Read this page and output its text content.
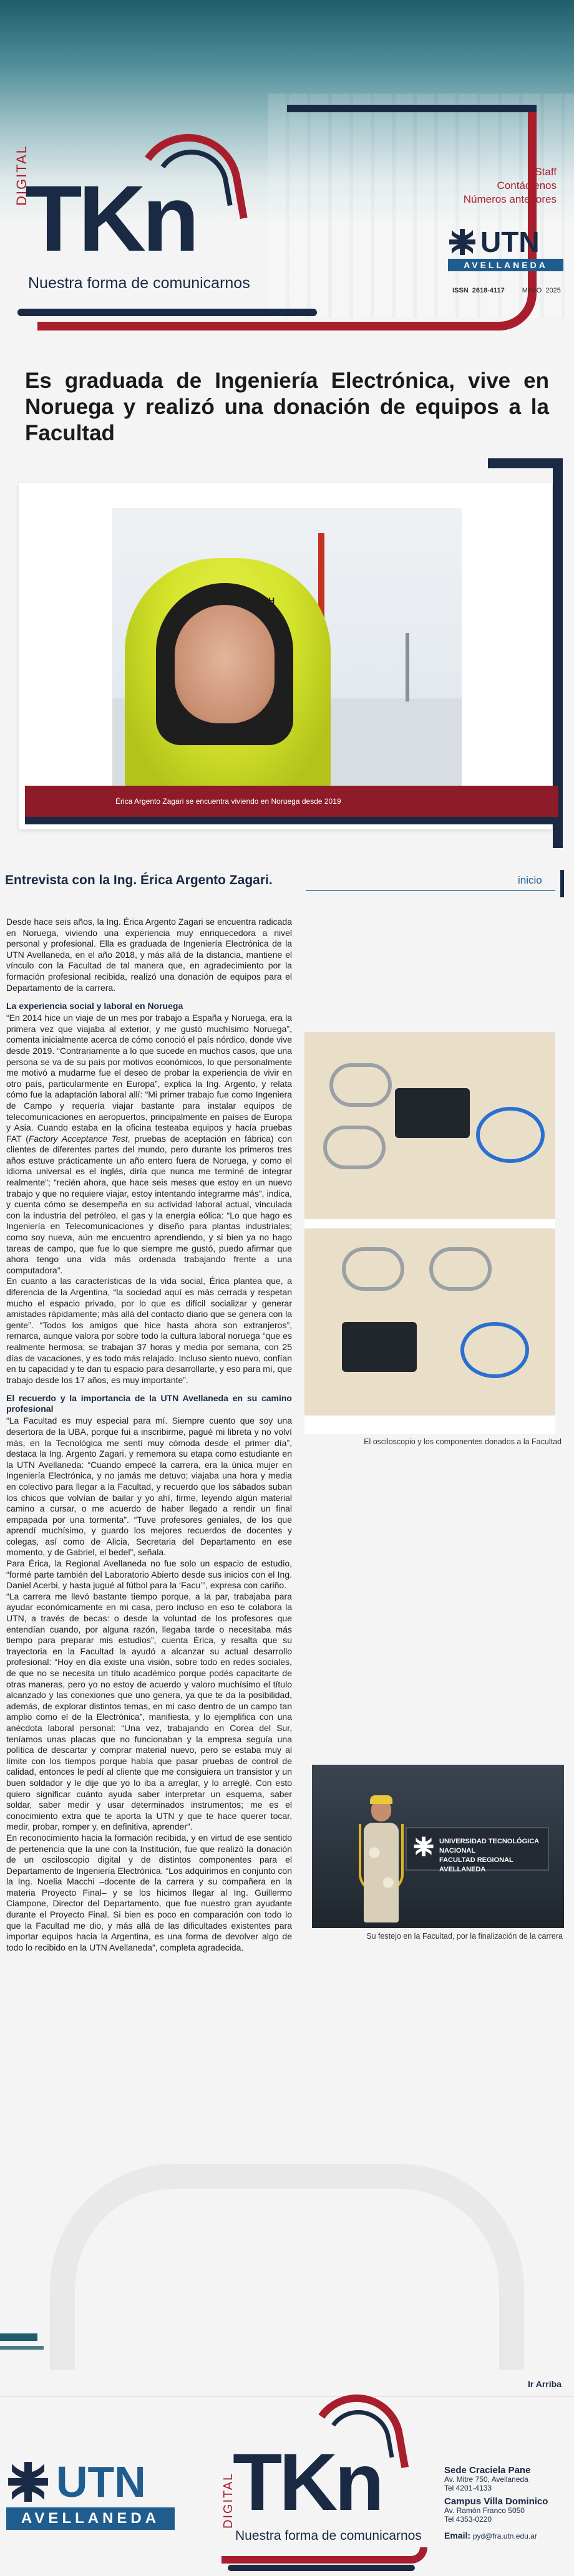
DIGITAL
TKn
Nuestra forma de comunicarnos
Staff
Contáctenos
Números anteriores
UTN
AVELLANEDA
ISSN 2618-4117	MAYO 2025
Es graduada de Ingeniería Electrónica, vive en Noruega y realizó una donación de equipos a la Facultad
HH
Érica Argento Zagari se encuentra viviendo en Noruega desde 2019
Entrevista con la Ing. Érica Argento Zagari.	inicio

Desde hace seis años, la Ing. Érica Argento Zagari se encuentra radicada en Noruega, viviendo una experiencia muy enriquecedora a nivel personal y profesional. Ella es graduada de Ingeniería Electrónica de la UTN Avellaneda, en el año 2018, y más allá de la distancia, mantiene el vínculo con la Facultad de tal manera que, en agradecimiento por la formación profesional recibida, realizó una donación de equipos para el Departamento de la carrera.

La experiencia social y laboral en Noruega

“En 2014 hice un viaje de un mes por trabajo a España y Noruega, era la primera vez que viajaba al exterior, y me gustó muchísimo Noruega”, comenta inicialmente acerca de cómo conoció el país nórdico, donde vive desde 2019. “Contrariamente a lo que sucede en muchos casos, que una persona se va de su país por motivos económicos, lo que personalmente me motivó a mudarme fue el deseo de probar la experiencia de vivir en otro país, particularmente en Europa”, explica la Ing. Argento, y relata cómo fue la adaptación laboral allí: “Mi primer trabajo fue como Ingeniera de Campo y requería viajar bastante para instalar equipos de telecomunicaciones en aeropuertos, principalmente en países de Europa y Asia. Cuando estaba en la oficina testeaba equipos y hacía pruebas FAT (Factory Acceptance Test, pruebas de aceptación en fábrica) con clientes de diferentes partes del mundo, pero durante los primeros tres años estuve prácticamente un año entero fuera de Noruega, y como el idioma universal es el inglés, diría que nunca me terminé de integrar realmente”; “recién ahora, que hace seis meses que estoy en un nuevo trabajo y que no requiere viajar, estoy intentando integrarme más”, indica, y cuenta cómo se desempeña en su actividad laboral actual, vinculada con la industria del petróleo, el gas y la energía eólica: “Lo que hago es Ingeniería en Telecomunicaciones y diseño para plantas industriales; como soy nueva, aún me encuentro aprendiendo, y si bien ya no hago tareas de campo, que fue lo que siempre me gustó, puedo afirmar que ahora tengo una vida más ordenada trabajando frente a una computadora”.

En cuanto a las características de la vida social, Érica plantea que, a diferencia de la Argentina, “la sociedad aquí es más cerrada y respetan mucho el espacio privado, por lo que es difícil socializar y generar amistades rápidamente; más allá del contacto diario que se genera con la gente”. “Todos los amigos que hice hasta ahora son extranjeros”, remarca, aunque valora por sobre todo la cultura laboral noruega “que es realmente hermosa; se trabajan 37 horas y media por semana, con 25 días de vacaciones, y es todo más relajado. Incluso siento nuevo, confían en tu capacidad y te dan tu espacio para desarrollarte, y eso para mí, que trabajo desde los 17 años, es muy importante”.

El recuerdo y la importancia de la UTN Avellaneda en su camino profesional

“La Facultad es muy especial para mí. Siempre cuento que soy una desertora de la UBA, porque fui a inscribirme, pagué mi libreta y no volví más, en la Tecnológica me sentí muy cómoda desde el primer día”, destaca la Ing. Argento Zagari, y rememora su etapa como estudiante en la UTN Avellaneda: “Cuando empecé la carrera, era la única mujer en Ingeniería Electrónica, y no jamás me detuvo; viajaba una hora y media en colectivo para llegar a la Facultad, y recuerdo que los sábados suban los chicos que volvían de bailar y yo ahí, firme, leyendo algún material camino a cursar, o me acuerdo de haber llegado a rendir un final empapada por una tormenta”. “Tuve profesores geniales, de los que aprendí muchísimo, y guardo los mejores recuerdos de docentes y colegas, así como de Alicia, Secretaria del Departamento en ese momento, y de Gabriel, el bedel”, señala.

Para Érica, la Regional Avellaneda no fue solo un espacio de estudio, “formé parte también del Laboratorio Abierto desde sus inicios con el Ing. Daniel Acerbi, y hasta jugué al fútbol para la ‘Facu’”, expresa con cariño.

“La carrera me llevó bastante tiempo porque, a la par, trabajaba para ayudar económicamente en mi casa, pero incluso en eso te colabora la UTN, a través de becas: o desde la voluntad de los profesores que entendían cuando, por alguna razón, llegaba tarde o necesitaba más tiempo para preparar mis estudios”, cuenta Érica, y resalta que su trayectoria en la Facultad la ayudó a alcanzar su actual desarrollo profesional: “Hoy en día existe una visión, sobre todo en redes sociales, de que no se necesita un título académico porque podés capacitarte de otras maneras, pero yo no estoy de acuerdo y valoro muchísimo el título alcanzado y las conexiones que uno genera, ya que te da la posibilidad, además, de explorar distintos temas, en mi caso dentro de un campo tan amplio como el de la Electrónica”, manifiesta, y lo ejemplifica con una anécdota laboral personal: “Una vez, trabajando en Corea del Sur, teníamos unas placas que no funcionaban y la empresa seguía una política de descartar y comprar material nuevo, pero se estaba muy al límite con los tiempos porque había que pasar pruebas de control de calidad, entonces le pedí al cliente que me consiguiera un transistor y un buen soldador y le dije que yo lo iba a arreglar, y lo arreglé. Con esto quiero significar cuánto ayuda saber interpretar un esquema, saber soldar, saber medir y usar determinados instrumentos; me es el conocimiento extra que te aporta la UTN y que te hace querer tocar, medir, probar, romper y, en definitiva, aprender”.

En reconocimiento hacia la formación recibida, y en virtud de ese sentido de pertenencia que la une con la Institución, fue que realizó la donación de un osciloscopio digital y de distintos componentes para el Departamento de Ingeniería Electrónica. “Los adquirimos en conjunto con la Ing. Noelia Macchi –docente de la carrera y su compañera en la materia Proyecto Final– y se los hicimos llegar al Ing. Guillermo Ciampone, Director del Departamento, que fue nuestro gran ayudante durante el Proyecto Final. Si bien es poco en comparación con todo lo que la Facultad me dio, y más allá de las dificultades existentes para importar equipos hacia la Argentina, es una forma de devolver algo de todo lo recibido en la UTN Avellaneda”, completa agradecida.

El osciloscopio y los componentes donados a la Facultad
UNIVERSIDAD TECNOLÓGICA NACIONAL
FACULTAD REGIONAL AVELLANEDA
Su festejo en la Facultad, por la finalización de la carrera
Ir Arriba
UTN
AVELLANEDA	DIGITAL
TKn
Nuestra forma de comunicarnos
Sede Craciela Pane
Av. Mitre 750, Avellaneda
Tel 4201-4133
Campus Villa Dominico
Av. Ramón Franco 5050
Tel 4353-0220
Email: pyd@fra.utn.edu.ar
